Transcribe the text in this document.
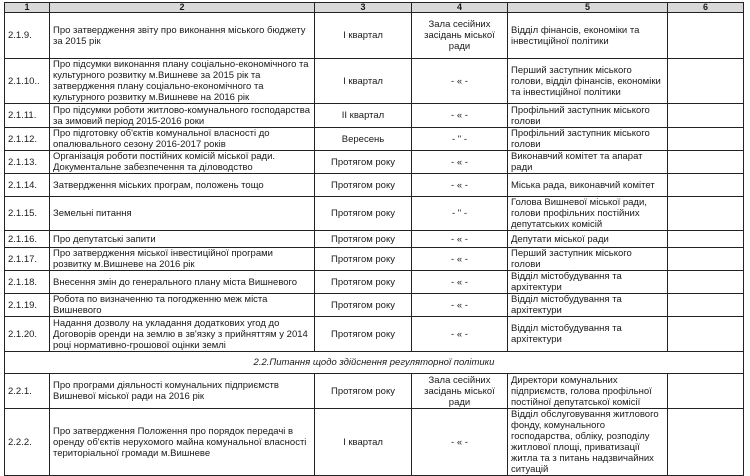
1	2	3	4	5	6
2.1.9.	Про затвердження звіту про виконання міського бюджету за 2015 рік	I квартал	Зала сесійних засідань міської ради	Відділ фінансів, економіки та інвестиційної політики	
2.1.10..	Про підсумки виконання плану соціально-економічного та культурного розвитку м.Вишневе за 2015 рік та затвердження плану соціально-економічного та культурного розвитку м.Вишневе на 2016 рік	I квартал	- « -	Перший заступник міського голови, відділ фінансів, економіки та інвестиційної політики	
2.1.11.	Про підсумки роботи житлово-комунального господарства за зимовий період 2015-2016 роки	II квартал	- « -	Профільний заступник міського голови	
2.1.12.	Про підготовку об'єктів комунальної власності до опалювального сезону 2016-2017 років	Вересень	- " -	Профільний заступник міського голови	
2.1.13.	Організація роботи постійних комісій міської ради. Документальне забезпечення та діловодство	Протягом року	- « -	Виконавчий комітет та апарат ради	
2.1.14.	Затвердження міських програм, положень тощо	Протягом року	- « -	Міська рада, виконавчий комітет	
2.1.15.	Земельні питання	Протягом року	- " -	Голова Вишневої міської ради, голови профільних постійних депутатських комісій	
2.1.16.	Про депутатські запити	Протягом року	- « -	Депутати міської ради	
2.1.17.	Про затвердження міської інвестиційної програми розвитку м.Вишневе на 2016 рік	Протягом року	- « -	Перший заступник міського голови	
2.1.18.	Внесення змін до генерального плану міста Вишневого	Протягом року	- « -	Відділ містобудування та архітектури	
2.1.19.	Робота по визначенню та погодженню меж міста Вишневого	Протягом року	- « -	Відділ містобудування та архітектури	
2.1.20.	Надання дозволу на укладання додаткових угод до Договорів оренди на землю в зв'язку з прийняттям у 2014 році нормативно-грошової оцінки землі	Протягом року	- « -	Відділ містобудування та архітектури	
2.2.Питання щодо здійснення регуляторної політики					
2.2.1.	Про програми діяльності комунальних підприємств Вишневої міської ради на 2016 рік	Протягом року	Зала сесійних засідань міської ради	Директори комунальних підприємств, голова профільної постійної депутатської комісії	
2.2.2.	Про затвердження Положення про порядок передачі в оренду об'єктів нерухомого майна комунальної власності територіальної громади м.Вишневе	I квартал	- « -	Відділ обслуговування житлового фонду, комунального господарства, обліку, розподілу житлової площі, приватизації житла та з питань надзвичайних ситуацій	
